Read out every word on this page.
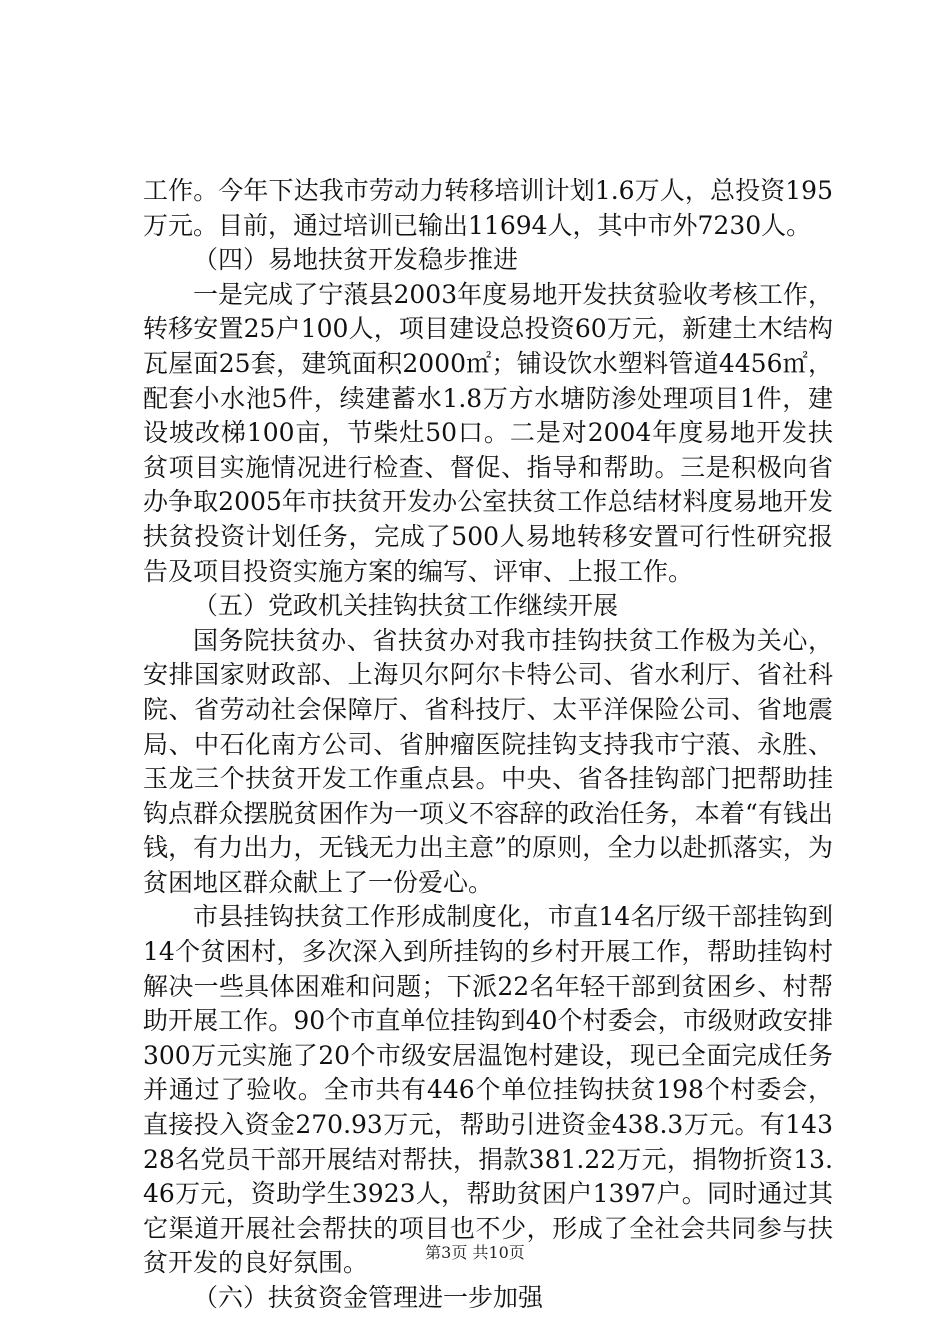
工作。今年下达我市劳动力转移培训计划1.6万人，总投资195万元。目前，通过培训已输出11694人，其中市外7230人。

（四）易地扶贫开发稳步推进

一是完成了宁蒗县2003年度易地开发扶贫验收考核工作，转移安置25户100人，项目建设总投资60万元，新建土木结构瓦屋面25套，建筑面积2000㎡；铺设饮水塑料管道4456㎡，配套小水池5件，续建蓄水1.8万方水塘防渗处理项目1件，建设坡改梯100亩，节柴灶50口。二是对2004年度易地开发扶贫项目实施情况进行检查、督促、指导和帮助。三是积极向省办争取2005年市扶贫开发办公室扶贫工作总结材料度易地开发扶贫投资计划任务，完成了500人易地转移安置可行性研究报告及项目投资实施方案的编写、评审、上报工作。

（五）党政机关挂钩扶贫工作继续开展

国务院扶贫办、省扶贫办对我市挂钩扶贫工作极为关心，安排国家财政部、上海贝尔阿尔卡特公司、省水利厅、省社科院、省劳动社会保障厅、省科技厅、太平洋保险公司、省地震局、中石化南方公司、省肿瘤医院挂钩支持我市宁蒗、永胜、玉龙三个扶贫开发工作重点县。中央、省各挂钩部门把帮助挂钩点群众摆脱贫困作为一项义不容辞的政治任务，本着“有钱出钱，有力出力，无钱无力出主意”的原则，全力以赴抓落实，为贫困地区群众献上了一份爱心。

市县挂钩扶贫工作形成制度化，市直14名厅级干部挂钩到14个贫困村，多次深入到所挂钩的乡村开展工作，帮助挂钩村解决一些具体困难和问题；下派22名年轻干部到贫困乡、村帮助开展工作。90个市直单位挂钩到40个村委会，市级财政安排300万元实施了20个市级安居温饱村建设，现已全面完成任务并通过了验收。全市共有446个单位挂钩扶贫198个村委会，直接投入资金270.93万元，帮助引进资金438.3万元。有14328名党员干部开展结对帮扶，捐款381.22万元，捐物折资13.46万元，资助学生3923人，帮助贫困户1397户。同时通过其它渠道开展社会帮扶的项目也不少，形成了全社会共同参与扶贫开发的良好氛围。

（六）扶贫资金管理进一步加强

第3页 共10页
